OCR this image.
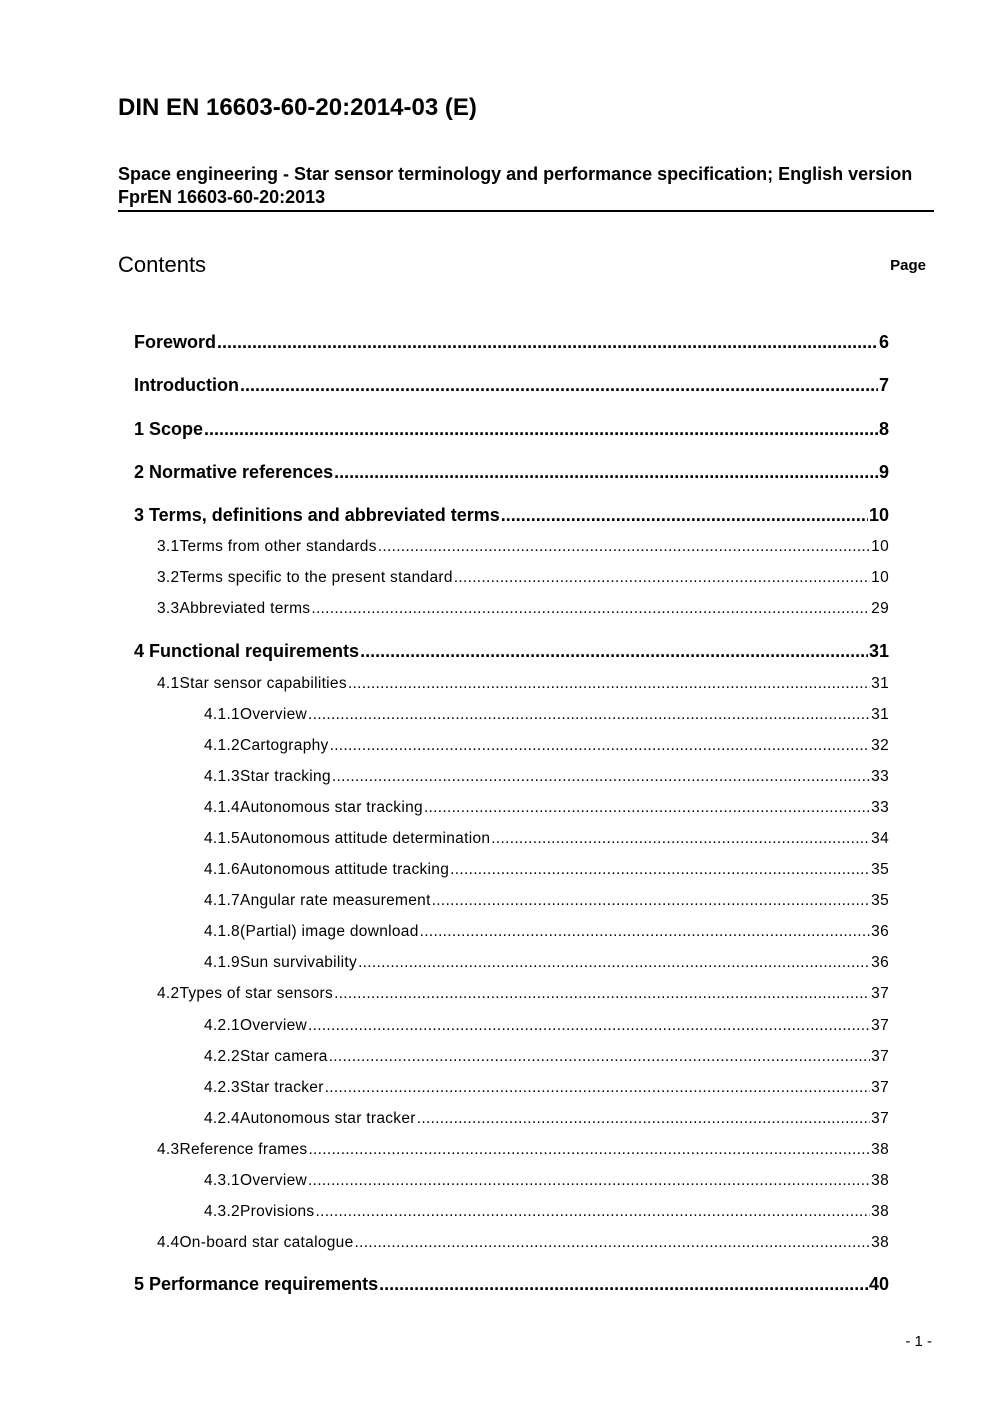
DIN EN 16603-60-20:2014-03 (E)
Space engineering - Star sensor terminology and performance specification; English version FprEN 16603-60-20:2013
Contents	Page
Foreword .....	6
Introduction .....	7
1 Scope .....	8
2 Normative references .....	9
3 Terms, definitions and abbreviated terms .....	10
3.1 Terms from other standards .....	10
3.2 Terms specific to the present standard .....	10
3.3 Abbreviated terms .....	29
4 Functional requirements .....	31
4.1 Star sensor capabilities .....	31
4.1.1 Overview .....	31
4.1.2 Cartography .....	32
4.1.3 Star tracking .....	33
4.1.4 Autonomous star tracking .....	33
4.1.5 Autonomous attitude determination .....	34
4.1.6 Autonomous attitude tracking .....	35
4.1.7 Angular rate measurement .....	35
4.1.8 (Partial) image download .....	36
4.1.9 Sun survivability .....	36
4.2 Types of star sensors .....	37
4.2.1 Overview .....	37
4.2.2 Star camera .....	37
4.2.3 Star tracker .....	37
4.2.4 Autonomous star tracker .....	37
4.3 Reference frames .....	38
4.3.1 Overview .....	38
4.3.2 Provisions .....	38
4.4 On-board star catalogue .....	38
5 Performance requirements .....	40
- 1 -
